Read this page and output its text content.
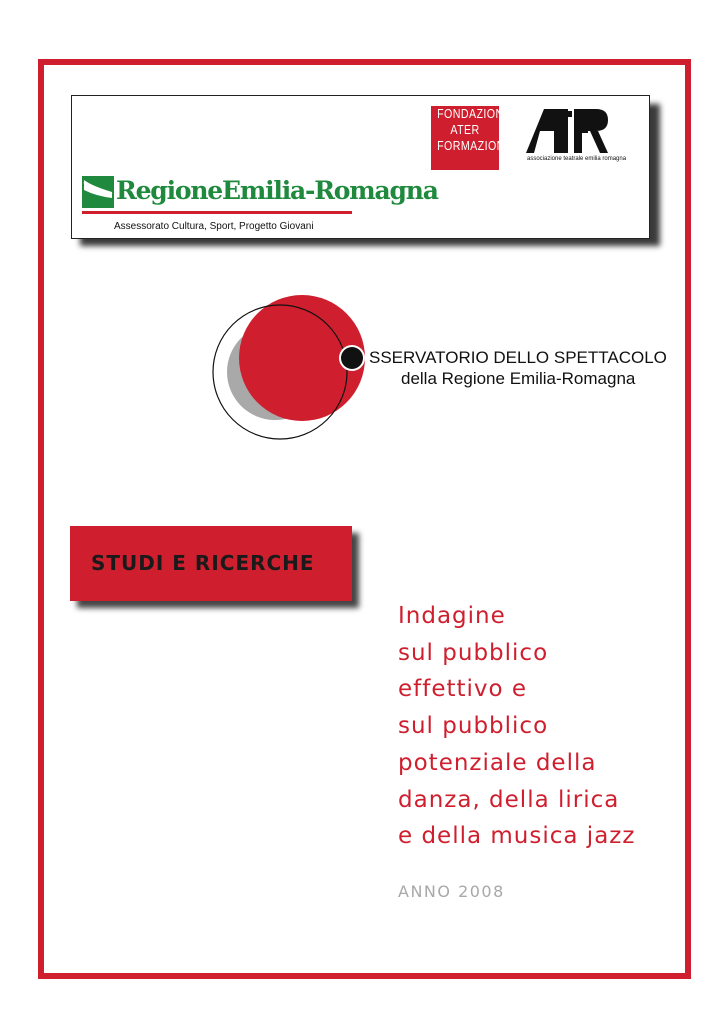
FONDAZIONE
ATER
FORMAZIONE
associazione teatrale emilia romagna
RegioneEmilia-Romagna
Assessorato Cultura, Sport, Progetto Giovani
SSERVATORIO DELLO SPETTACOLO
della Regione Emilia-Romagna
STUDI E RICERCHE
Indagine
sul pubblico
effettivo e
sul pubblico
potenziale della
danza, della lirica
e della musica jazz
ANNO 2008
